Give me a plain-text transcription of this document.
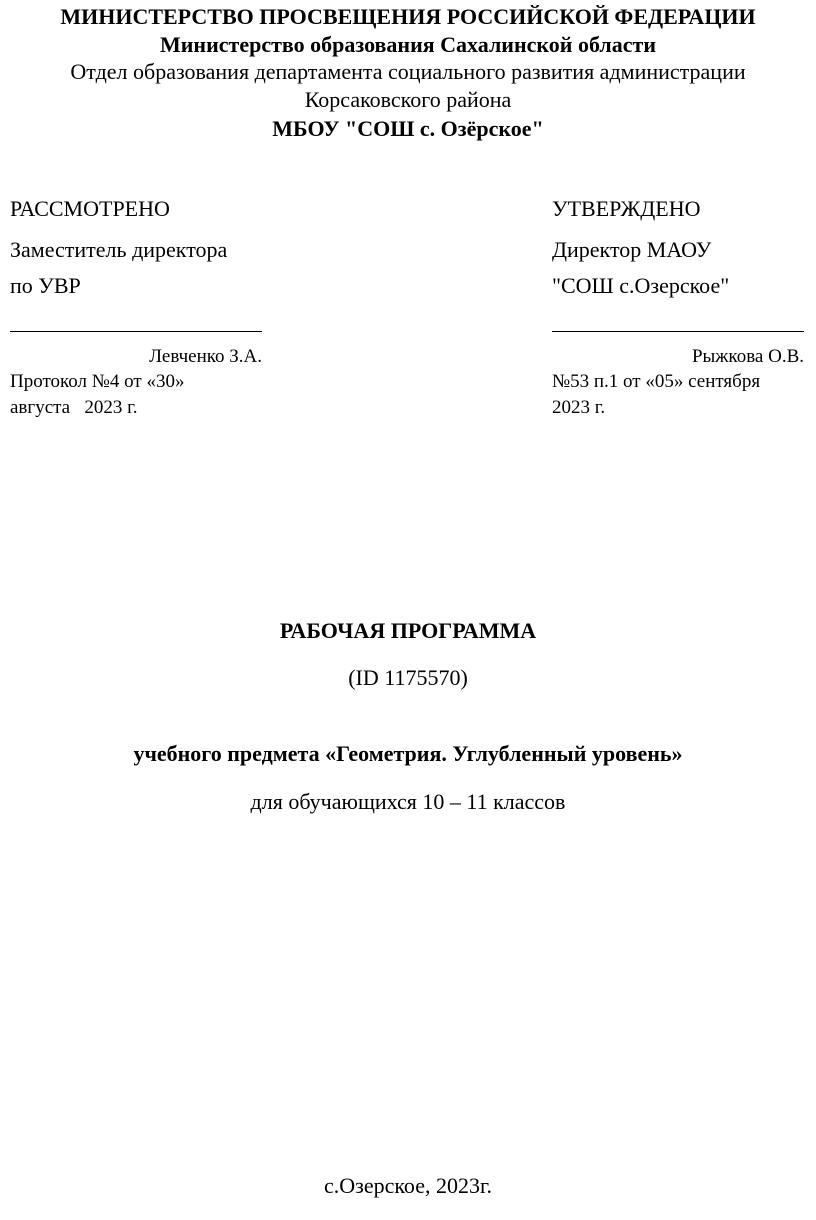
МИНИСТЕРСТВО ПРОСВЕЩЕНИЯ РОССИЙСКОЙ ФЕДЕРАЦИИ
Министерство образования Сахалинской области
Отдел образования департамента социального развития администрации
Корсаковского района
МБОУ "СОШ с. Озёрское"
РАССМОТРЕНО
Заместитель директора
по УВР
Левченко З.А.
Протокол №4 от «30»
августа   2023 г.
УТВЕРЖДЕНО
Директор МАОУ
"СОШ с.Озерское"
Рыжкова О.В.
№53 п.1 от «05» сентября
2023 г.
РАБОЧАЯ ПРОГРАММА
(ID 1175570)
учебного предмета «Геометрия. Углубленный уровень»
для обучающихся 10 – 11 классов
с.Озерское, 2023г.
